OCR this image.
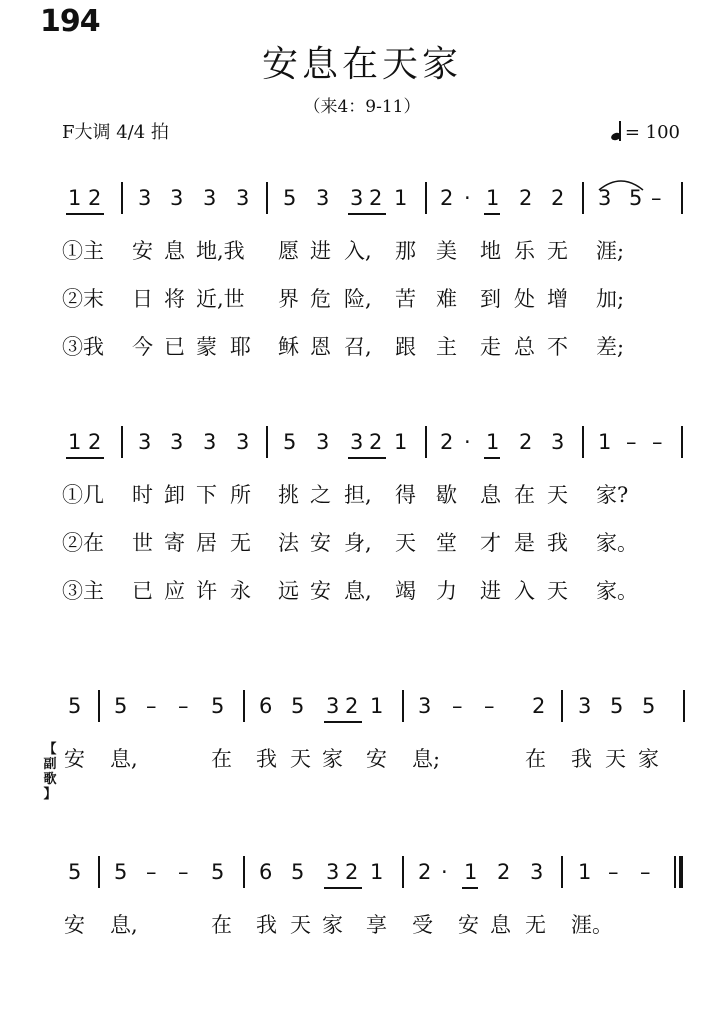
194
安息在天家
（来4：9-11）
F大调 4/4 拍	= 100
1 2 3 3 3 3 5 3 3 2 1 2 · 1 2 2 3 5 –
①主 安 息 地,我 愿 进 入, 那 美 地 乐 无 涯;
②末 日 将 近,世 界 危 险, 苦 难 到 处 增 加;
③我 今 已 蒙 耶 稣 恩 召, 跟 主 走 总 不 差;
1 2 3 3 3 3 5 3 3 2 1 2 · 1 2 3 1 – –
①几 时 卸 下 所 挑 之 担, 得 歇 息 在 天 家?
②在 世 寄 居 无 法 安 身, 天 堂 才 是 我 家。
③主 已 应 许 永 远 安 息, 竭 力 进 入 天 家。
5 5 – – 5 6 5 3 2 1 3 – – 2 3 5 5
【
副
歌
】
安 息,	在 我 天 家 安 息;	在 我 天 家
5 5 – – 5 6 5 3 2 1 2 · 1 2 3 1 – –
安 息,	在 我 天 家 享 受 安 息 无 涯。
